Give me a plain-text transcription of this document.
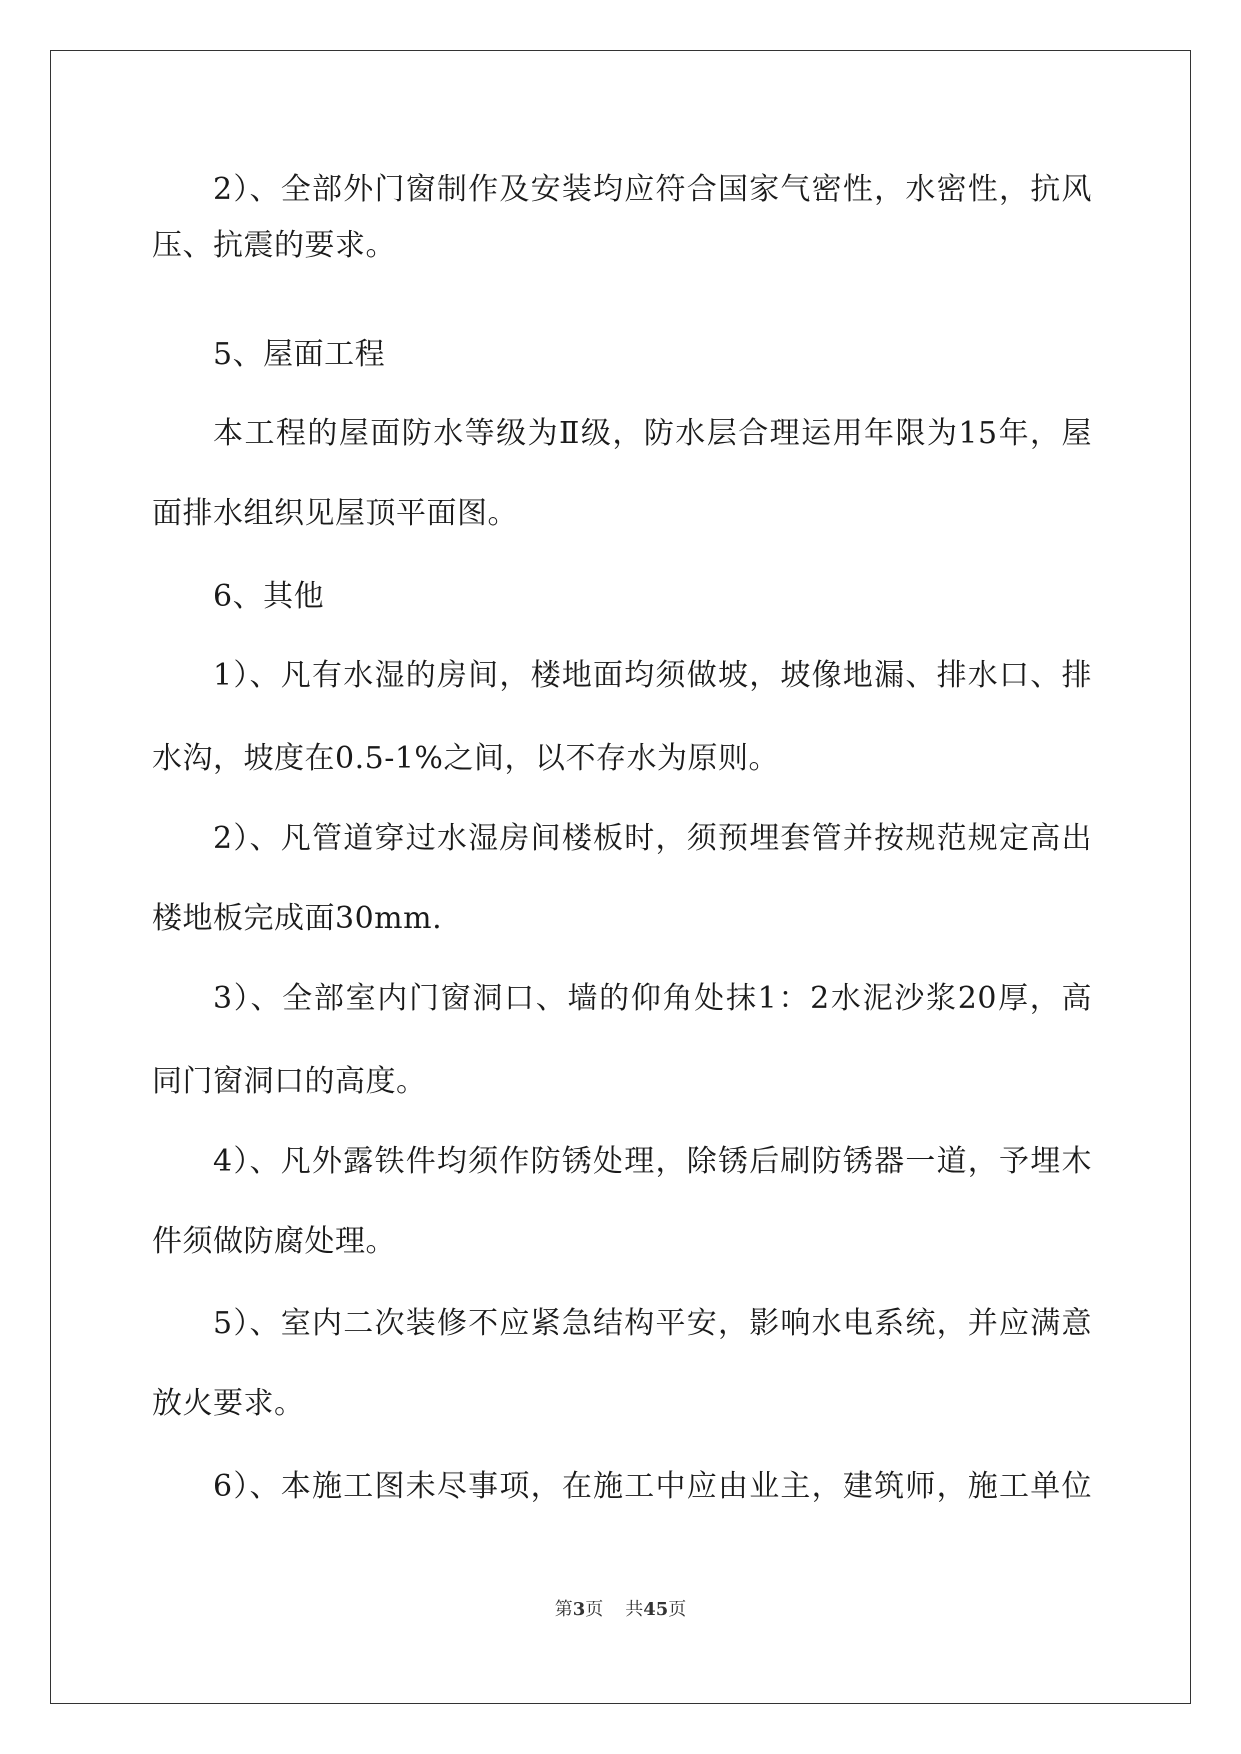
2）、全部外门窗制作及安装均应符合国家气密性，水密性，抗风
压、抗震的要求。
5、屋面工程
本工程的屋面防水等级为Ⅱ级，防水层合理运用年限为15年，屋
面排水组织见屋顶平面图。
6、其他
1）、凡有水湿的房间，楼地面均须做坡，坡像地漏、排水口、排
水沟，坡度在0.5-1%之间，以不存水为原则。
2）、凡管道穿过水湿房间楼板时，须预埋套管并按规范规定高出
楼地板完成面30mm.
3）、全部室内门窗洞口、墙的仰角处抹1：2水泥沙浆20厚，高
同门窗洞口的高度。
4）、凡外露铁件均须作防锈处理，除锈后刷防锈器一道，予埋木
件须做防腐处理。
5）、室内二次装修不应紧急结构平安，影响水电系统，并应满意
放火要求。
6）、本施工图未尽事项，在施工中应由业主，建筑师，施工单位
第3页 共45页
